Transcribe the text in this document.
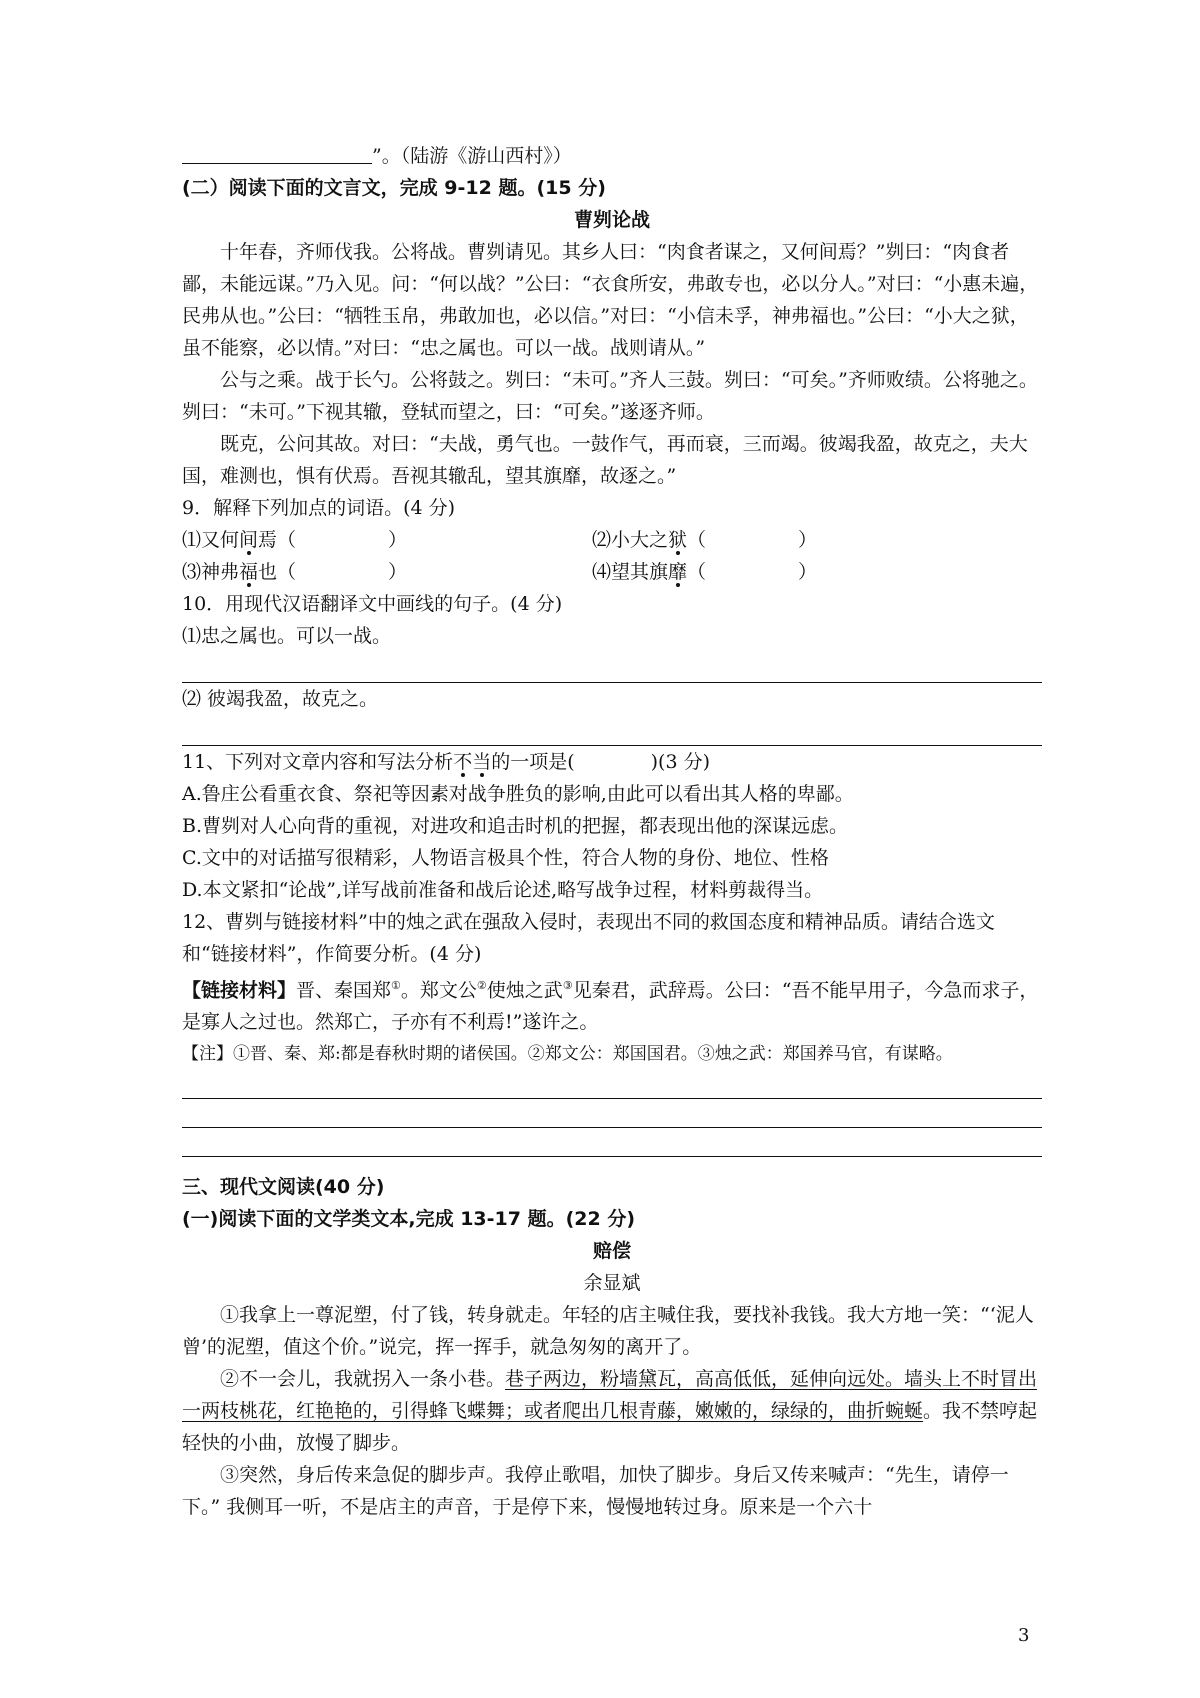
”。（陆游《游山西村》）
(二）阅读下面的文言文，完成 9-12 题。(15 分)
曹刿论战
十年春，齐师伐我。公将战。曹刿请见。其乡人曰：“肉食者谋之，又何间焉？”刿曰：“肉食者鄙，未能远谋。”乃入见。问：“何以战？”公曰：“衣食所安，弗敢专也，必以分人。”对曰：“小惠未遍，民弗从也。”公曰：“牺牲玉帛，弗敢加也，必以信。”对曰：“小信未孚，神弗福也。”公曰：“小大之狱，虽不能察，必以情。”对曰：“忠之属也。可以一战。战则请从。”
公与之乘。战于长勺。公将鼓之。刿曰：“未可。”齐人三鼓。刿曰：“可矣。”齐师败绩。公将驰之。刿曰：“未可。”下视其辙，登轼而望之，曰：“可矣。”遂逐齐师。
既克，公问其故。对曰：“夫战，勇气也。一鼓作气，再而衰，三而竭。彼竭我盈，故克之，夫大国，难测也，惧有伏焉。吾视其辙乱，望其旗靡，故逐之。”
9．解释下列加点的词语。(4 分)
⑴又何间焉（	）	⑵小大之狱（	）
⑶神弗福也（	）	⑷望其旗靡（	）
10．用现代汉语翻译文中画线的句子。(4 分)
⑴忠之属也。可以一战。
⑵ 彼竭我盈，故克之。
11、下列对文章内容和写法分析不当的一项是(	)(3 分)
A.鲁庄公看重衣食、祭祀等因素对战争胜负的影响,由此可以看出其人格的卑鄙。
B.曹刿对人心向背的重视，对进攻和追击时机的把握，都表现出他的深谋远虑。
C.文中的对话描写很精彩，人物语言极具个性，符合人物的身份、地位、性格
D.本文紧扣“论战”,详写战前准备和战后论述,略写战争过程，材料剪裁得当。
12、曹刿与链接材料”中的烛之武在强敌入侵时，表现出不同的救国态度和精神品质。请结合选文和“链接材料”，作简要分析。(4 分)
【链接材料】晋、秦国郑①。郑文公②使烛之武③见秦君，武辞焉。公曰：“吾不能早用子，今急而求子，是寡人之过也。然郑亡，子亦有不利焉!”遂许之。
【注】①晋、秦、郑:都是春秋时期的诸侯国。②郑文公：郑国国君。③烛之武：郑国养马官，有谋略。
三、现代文阅读(40 分)
(一)阅读下面的文学类文本,完成 13-17 题。(22 分)
赔偿
余显斌
①我拿上一尊泥塑，付了钱，转身就走。年轻的店主喊住我，要找补我钱。我大方地一笑：“‘泥人曾’的泥塑，值这个价。”说完，挥一挥手，就急匆匆的离开了。
②不一会儿，我就拐入一条小巷。巷子两边，粉墙黛瓦，高高低低，延伸向远处。墙头上不时冒出一两枝桃花，红艳艳的，引得蜂飞蝶舞；或者爬出几根青藤，嫩嫩的，绿绿的，曲折蜿蜒。我不禁哼起轻快的小曲，放慢了脚步。
③突然，身后传来急促的脚步声。我停止歌唱，加快了脚步。身后又传来喊声：“先生，请停一下。” 我侧耳一听，不是店主的声音，于是停下来，慢慢地转过身。原来是一个六十
3
